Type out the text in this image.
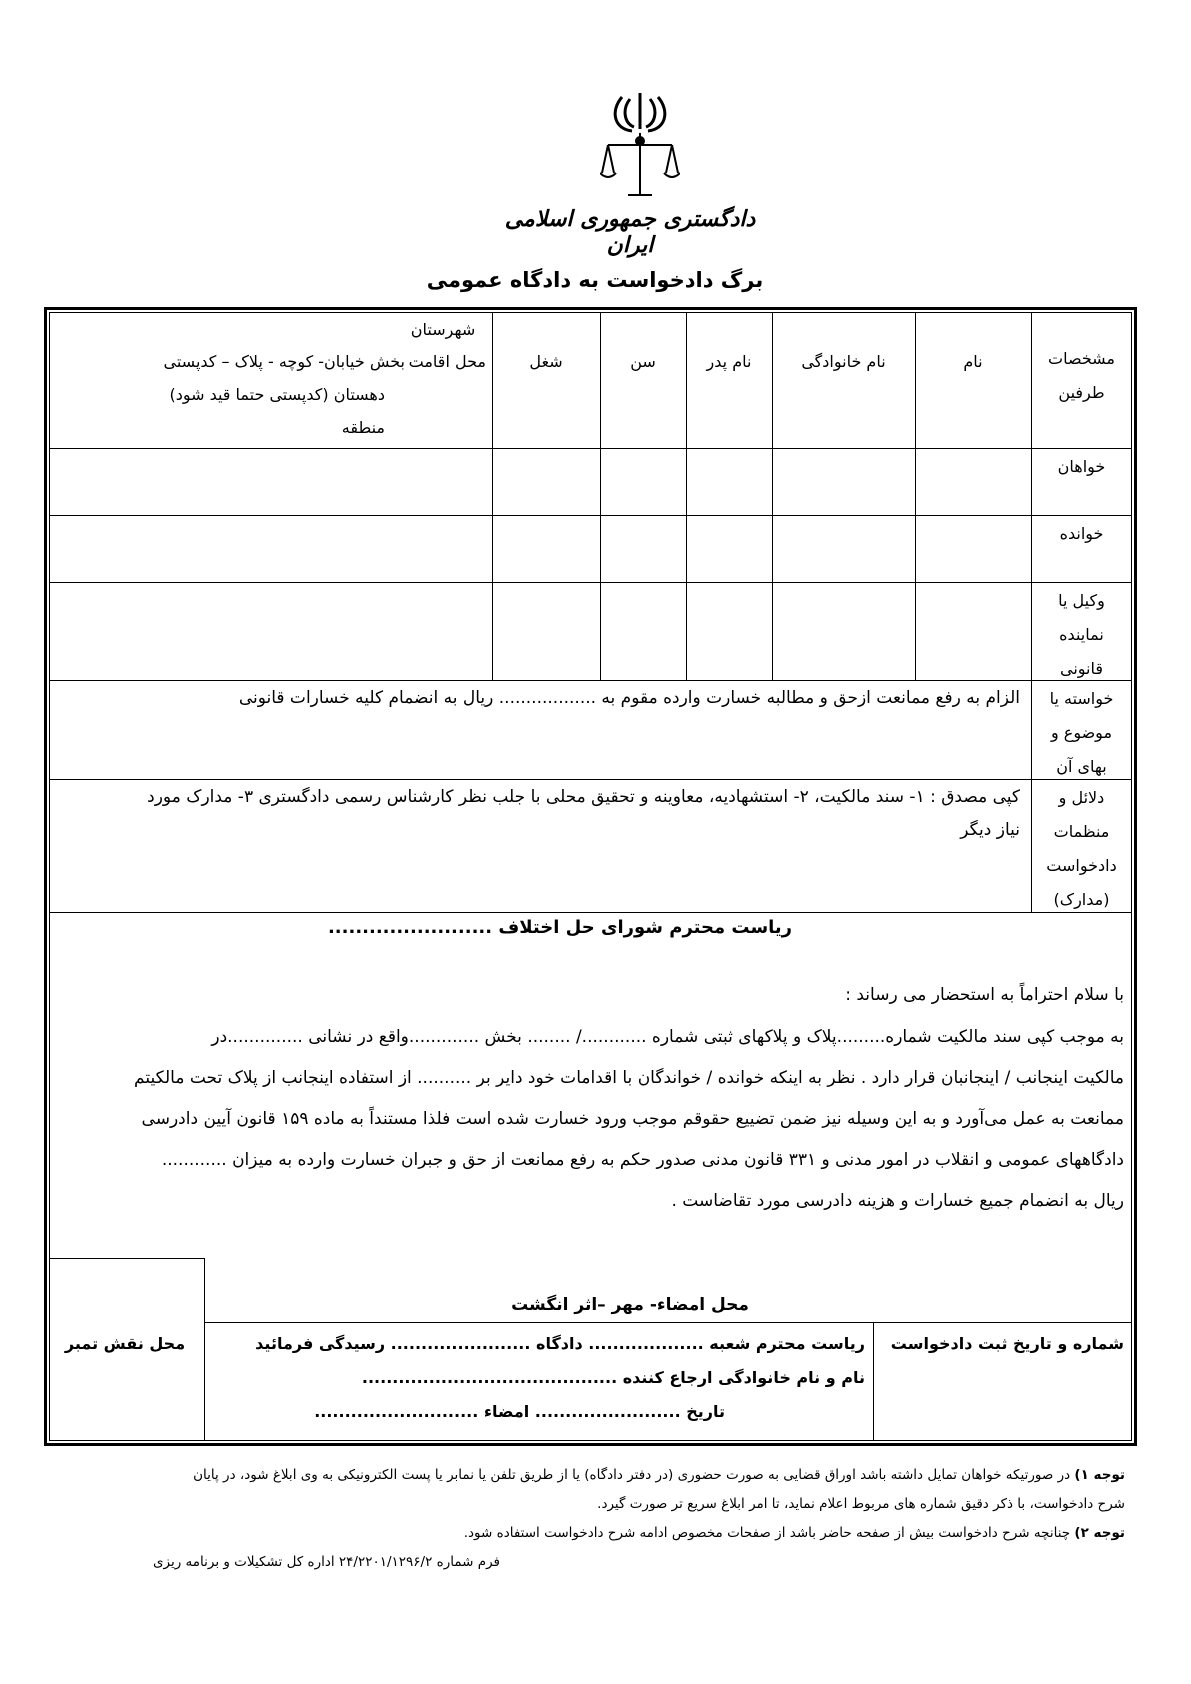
دادگستری جمهوری اسلامی ایران
برگ دادخواست به دادگاه عمومی
مشخصات طرفین
نام
نام خانوادگی
نام پدر
سن
شغل
شهرستان
محل اقامت
بخش خیابان- کوچه - پلاک – کدپستی
دهستان (کدپستی حتما قید شود)
منطقه
خواهان
خوانده
وکیل یا
نماینده
قانونی
خواسته یا
موضوع و
بهای آن
الزام به رفع ممانعت ازحق و مطالبه خسارت وارده مقوم به .................. ریال به انضمام کلیه خسارات قانونی
دلائل و
منظمات
دادخواست
(مدارک)
کپی مصدق : ۱- سند مالکیت، ۲- استشهادیه، معاوینه و تحقیق محلی با جلب نظر کارشناس رسمی دادگستری ۳- مدارک مورد
نیاز دیگر
ریاست محترم شورای حل اختلاف ........................
با سلام احتراماً به استحضار می رساند :
به موجب کپی سند مالکیت شماره.........پلاک و پلاکهای ثبتی شماره ............/ ........ بخش .............واقع در نشانی ..............در
مالکیت اینجانب / اینجانبان قرار دارد . نظر به اینکه خوانده / خواندگان با اقدامات خود دایر بر .......... از استفاده اینجانب از پلاک تحت مالکیتم
ممانعت به عمل می‌آورد و به این وسیله نیز ضمن تضییع حقوقم موجب ورود خسارت شده است فلذا مستنداً به ماده ۱۵۹ قانون آیین دادرسی
دادگاههای عمومی و انقلاب در امور مدنی و ۳۳۱ قانون مدنی صدور حکم به رفع ممانعت از حق و جبران خسارت وارده به میزان ............
ریال به انضمام جمیع خسارات و هزینه دادرسی مورد تقاضاست .
محل نقش تمبر
محل امضاء- مهر –اثر انگشت
شماره و تاریخ ثبت دادخواست
ریاست محترم شعبه ................... دادگاه ....................... رسیدگی فرمائید
نام و نام خانوادگی ارجاع کننده ..........................................
تاریخ ........................ امضاء ...........................
توجه ۱) در صورتیکه خواهان تمایل داشته باشد اوراق قضایی به صورت حضوری (در دفتر دادگاه) یا از طریق تلفن یا نمابر یا پست الکترونیکی به وی ابلاغ شود، در پایان
شرح دادخواست، با ذکر دقیق شماره های مربوط اعلام نماید، تا امر ابلاغ سریع تر صورت گیرد.
توجه ۲) چنانچه شرح دادخواست بیش از صفحه حاضر باشد از صفحات مخصوص ادامه شرح دادخواست استفاده شود.
فرم شماره ۲۴/۲۲۰۱/۱۲۹۶/۲ اداره کل تشکیلات و برنامه ریزی
